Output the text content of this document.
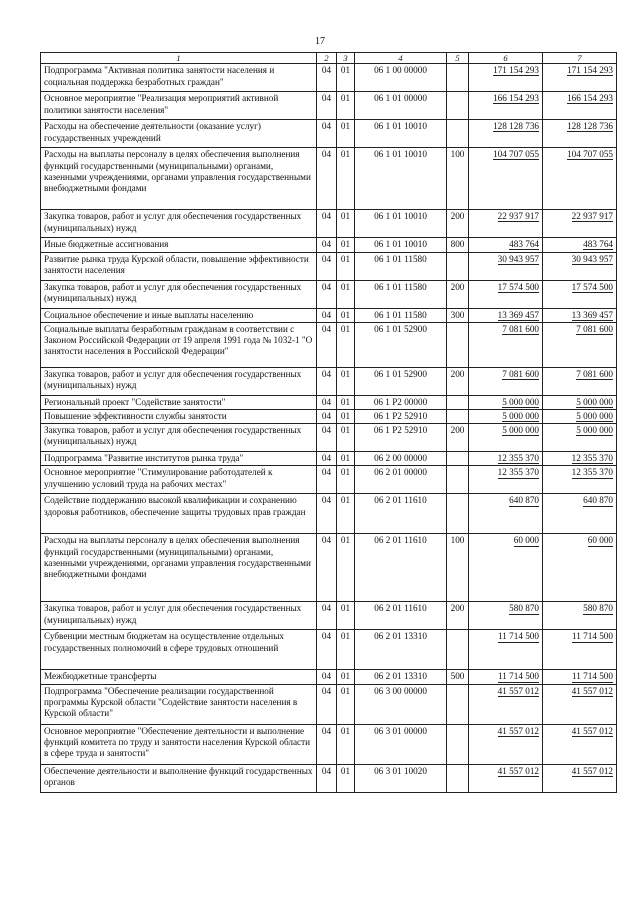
17
1	2	3	4	5	6	7
Подпрограмма "Активная политика занятости населения и социальная поддержка безработных граждан"	04	01	06 1 00 00000		171 154 293	171 154 293
Основное мероприятие "Реализация мероприятий активной политики занятости населения"	04	01	06 1 01 00000		166 154 293	166 154 293
Расходы на обеспечение деятельности (оказание услуг) государственных учреждений	04	01	06 1 01 10010		128 128 736	128 128 736
Расходы на выплаты персоналу в целях обеспечения выполнения функций государственными (муниципальными) органами, казенными учреждениями, органами управления государственными внебюджетными фондами	04	01	06 1 01 10010	100	104 707 055	104 707 055
Закупка товаров, работ и услуг для обеспечения государственных (муниципальных) нужд	04	01	06 1 01 10010	200	22 937 917	22 937 917
Иные бюджетные ассигнования	04	01	06 1 01 10010	800	483 764	483 764
Развитие рынка труда Курской области, повышение эффективности занятости населения	04	01	06 1 01 11580		30 943 957	30 943 957
Закупка товаров, работ и услуг для обеспечения государственных (муниципальных) нужд	04	01	06 1 01 11580	200	17 574 500	17 574 500
Социальное обеспечение и иные выплаты населению	04	01	06 1 01 11580	300	13 369 457	13 369 457
Социальные выплаты безработным гражданам в соответствии с Законом Российской Федерации от 19 апреля 1991 года № 1032-1 "О занятости населения в Российской Федерации"	04	01	06 1 01 52900		7 081 600	7 081 600
Закупка товаров, работ и услуг для обеспечения государственных (муниципальных) нужд	04	01	06 1 01 52900	200	7 081 600	7 081 600
Региональный проект "Содействие занятости"	04	01	06 1 P2 00000		5 000 000	5 000 000
Повышение эффективности службы занятости	04	01	06 1 P2 52910		5 000 000	5 000 000
Закупка товаров, работ и услуг для обеспечения государственных (муниципальных) нужд	04	01	06 1 P2 52910	200	5 000 000	5 000 000
Подпрограмма "Развитие институтов рынка труда"	04	01	06 2 00 00000		12 355 370	12 355 370
Основное мероприятие "Стимулирование работодателей к улучшению условий труда на рабочих местах"	04	01	06 2 01 00000		12 355 370	12 355 370
Содействие поддержанию высокой квалификации и сохранению здоровья работников, обеспечение защиты трудовых прав граждан	04	01	06 2 01 11610		640 870	640 870
Расходы на выплаты персоналу в целях обеспечения выполнения функций государственными (муниципальными) органами, казенными учреждениями, органами управления государственными внебюджетными фондами	04	01	06 2 01 11610	100	60 000	60 000
Закупка товаров, работ и услуг для обеспечения государственных (муниципальных) нужд	04	01	06 2 01 11610	200	580 870	580 870
Субвенции местным бюджетам на осуществление отдельных государственных полномочий в сфере трудовых отношений	04	01	06 2 01 13310		11 714 500	11 714 500
Межбюджетные трансферты	04	01	06 2 01 13310	500	11 714 500	11 714 500
Подпрограмма "Обеспечение реализации государственной программы Курской области "Содействие занятости населения в Курской области"	04	01	06 3 00 00000		41 557 012	41 557 012
Основное мероприятие "Обеспечение деятельности и выполнение функций комитета по труду и занятости населения Курской области в сфере труда и занятости"	04	01	06 3 01 00000		41 557 012	41 557 012
Обеспечение деятельности и выполнение функций государственных органов	04	01	06 3 01 10020		41 557 012	41 557 012
